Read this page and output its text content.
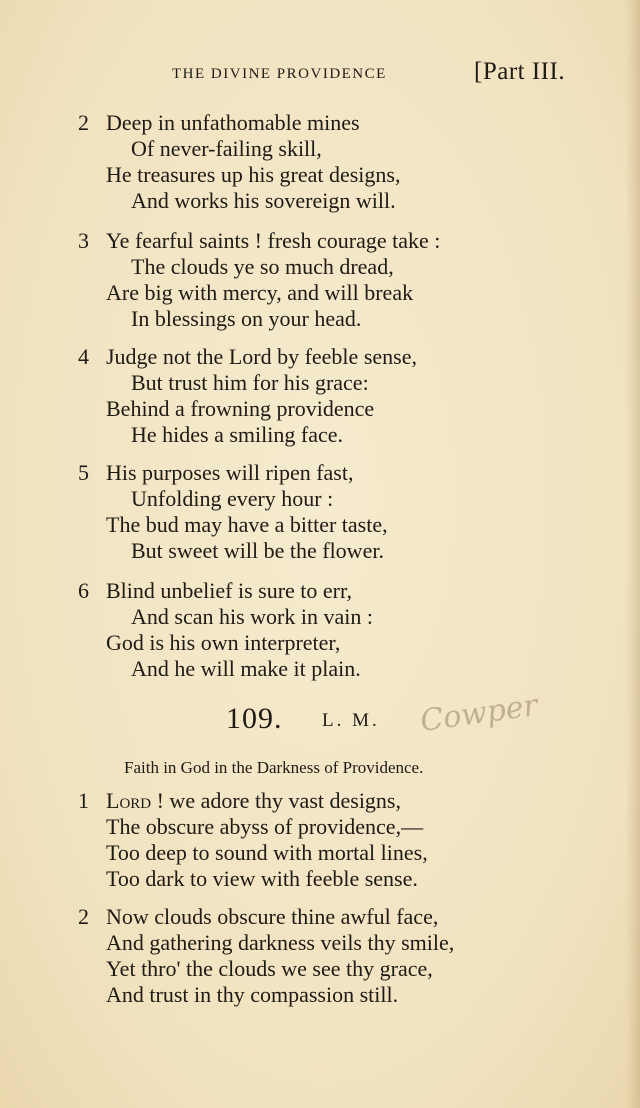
THE DIVINE PROVIDENCE	[Part III.
2 Deep in unfathomable mines
Of never-failing skill,
He treasures up his great designs,
And works his sovereign will.
3 Ye fearful saints ! fresh courage take :
The clouds ye so much dread,
Are big with mercy, and will break
In blessings on your head.
4 Judge not the Lord by feeble sense,
But trust him for his grace:
Behind a frowning providence
He hides a smiling face.
5 His purposes will ripen fast,
Unfolding every hour :
The bud may have a bitter taste,
But sweet will be the flower.
6 Blind unbelief is sure to err,
And scan his work in vain :
God is his own interpreter,
And he will make it plain.
109. L. M. Cowper
Faith in God in the Darkness of Providence.
1 Lord ! we adore thy vast designs,
The obscure abyss of providence,—
Too deep to sound with mortal lines,
Too dark to view with feeble sense.
2 Now clouds obscure thine awful face,
And gathering darkness veils thy smile,
Yet thro' the clouds we see thy grace,
And trust in thy compassion still.
